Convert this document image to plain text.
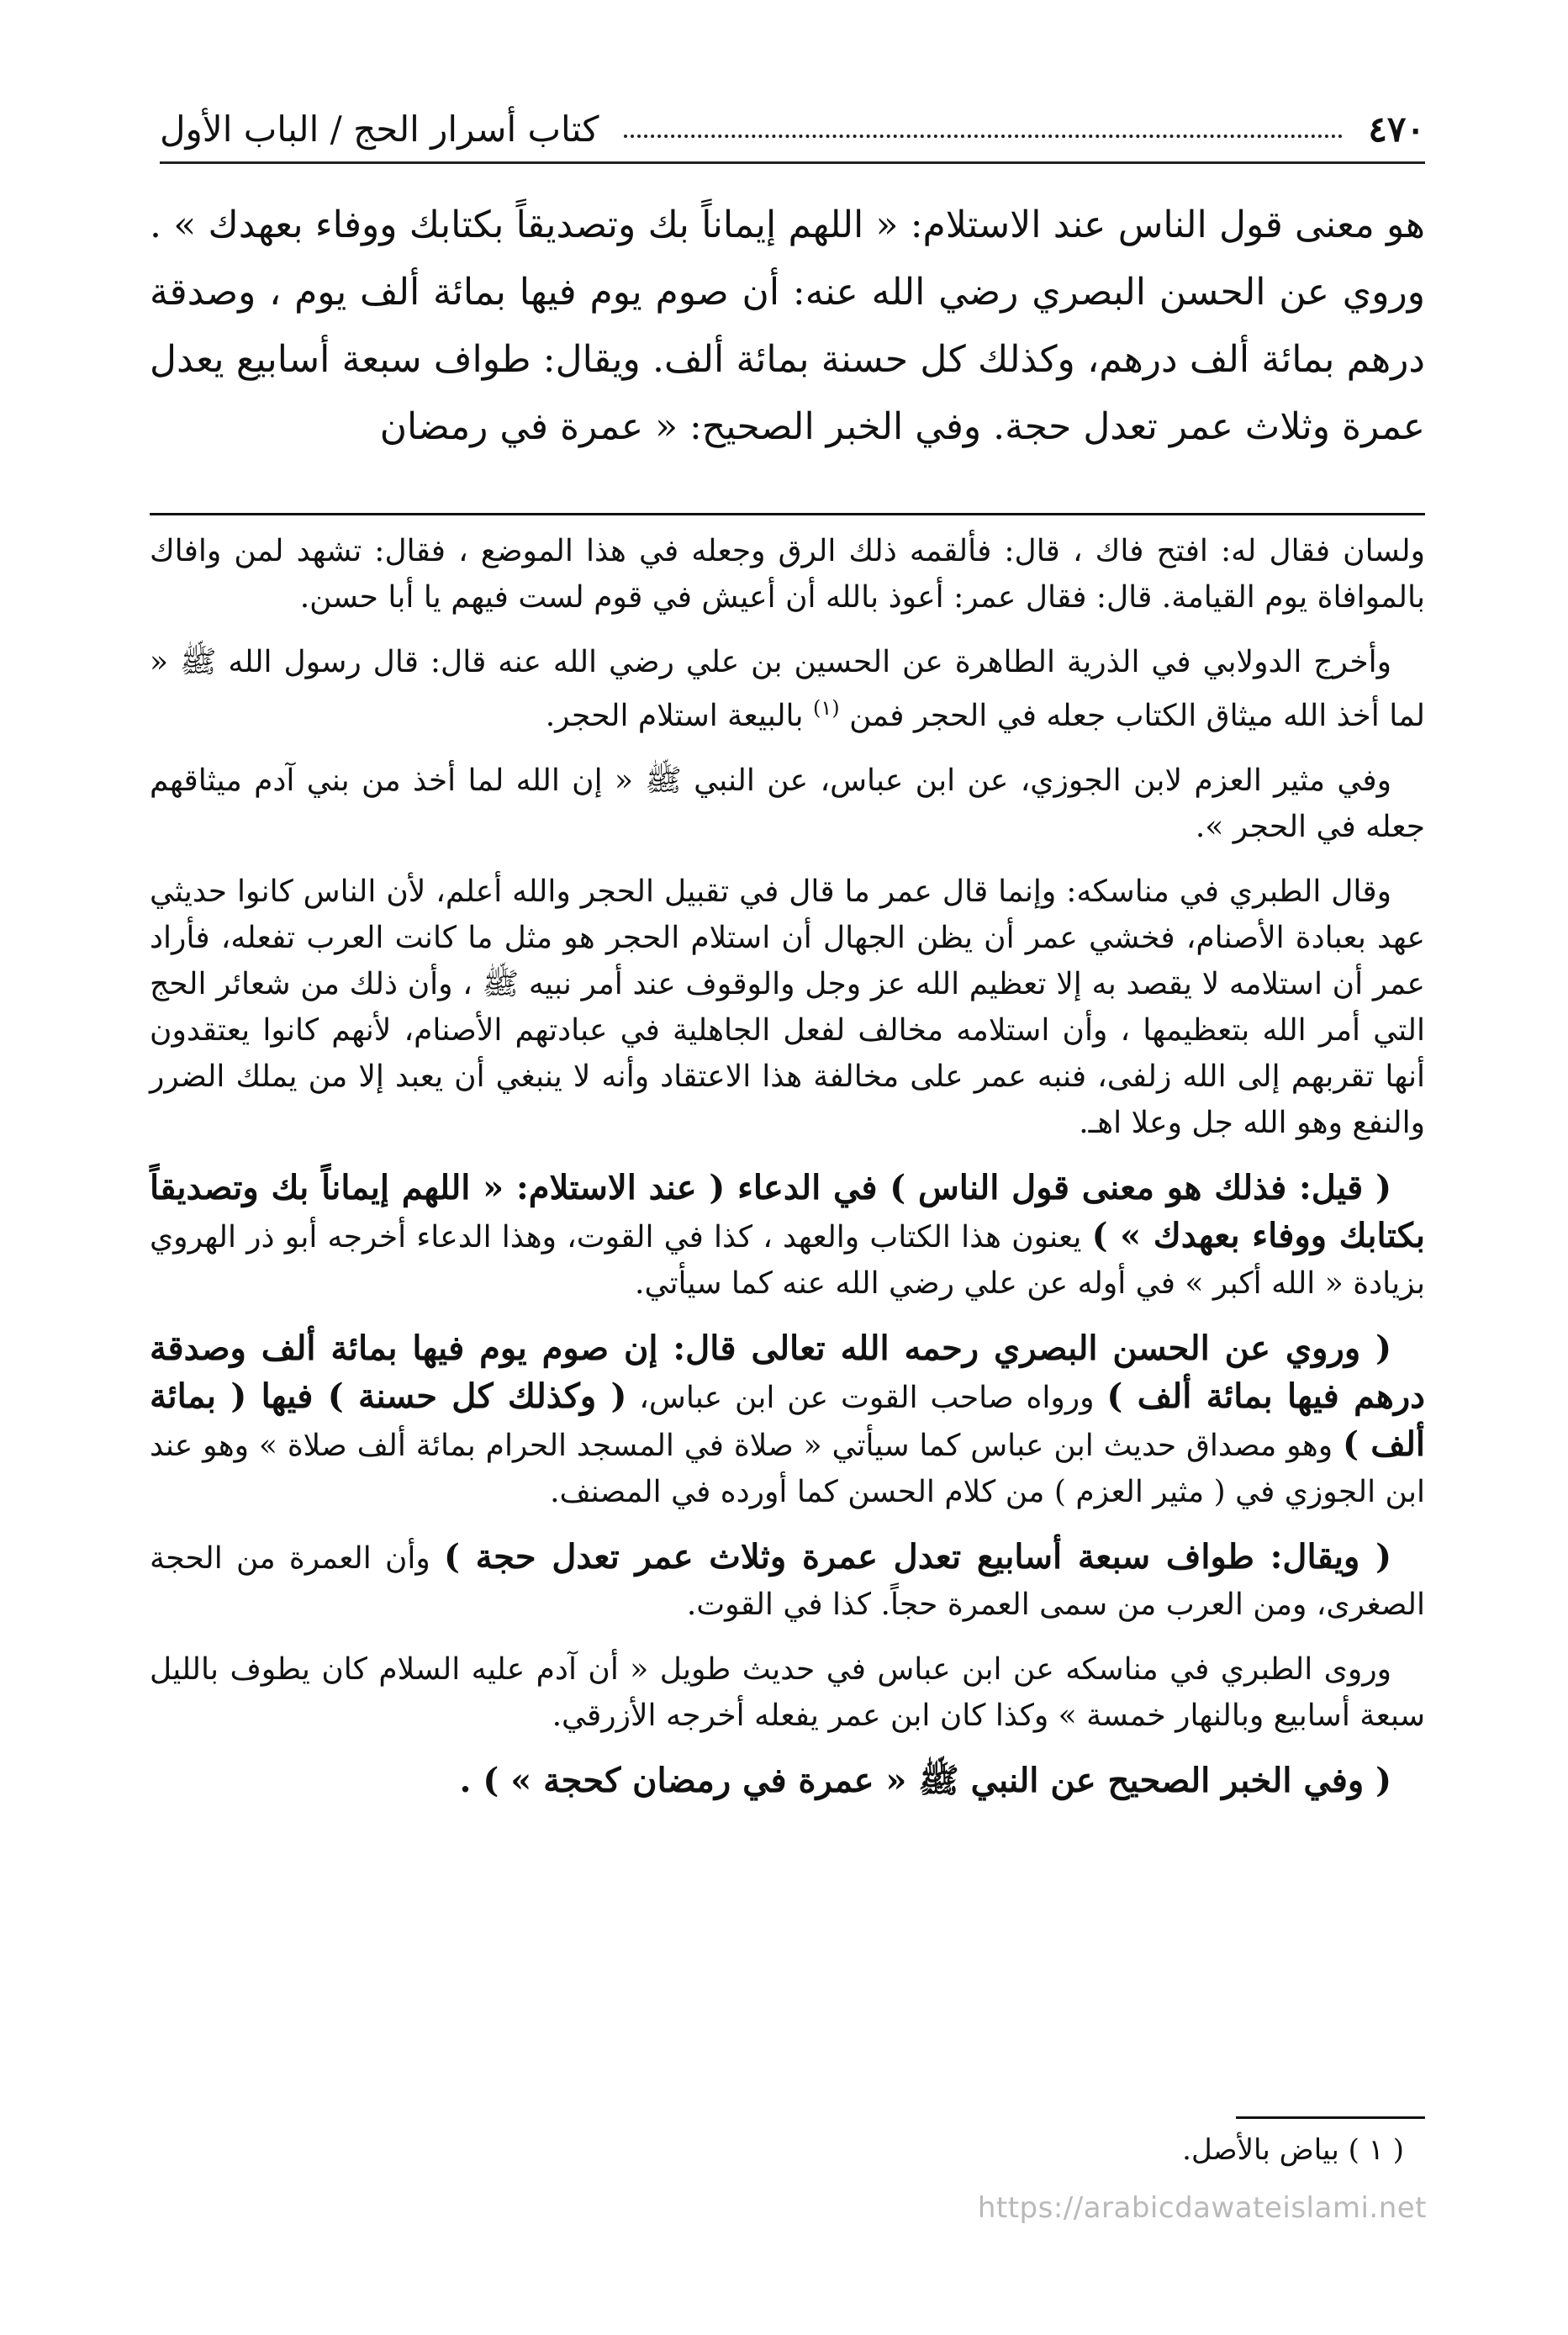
٤٧٠
كتاب أسرار الحج / الباب الأول

هو معنى قول الناس عند الاستلام: « اللهم إيماناً بك وتصديقاً بكتابك ووفاء بعهدك » . وروي عن الحسن البصري رضي الله عنه: أن صوم يوم فيها بمائة ألف يوم ، وصدقة درهم بمائة ألف درهم، وكذلك كل حسنة بمائة ألف. ويقال: طواف سبعة أسابيع يعدل عمرة وثلاث عمر تعدل حجة. وفي الخبر الصحيح: « عمرة في رمضان

ولسان فقال له: افتح فاك ، قال: فألقمه ذلك الرق وجعله في هذا الموضع ، فقال: تشهد لمن وافاك بالموافاة يوم القيامة. قال: فقال عمر: أعوذ بالله أن أعيش في قوم لست فيهم يا أبا حسن.

وأخرج الدولابي في الذرية الطاهرة عن الحسين بن علي رضي الله عنه قال: قال رسول الله ﷺ « لما أخذ الله ميثاق الكتاب جعله في الحجر فمن $^{(١)}$ بالبيعة استلام الحجر.

وفي مثير العزم لابن الجوزي، عن ابن عباس، عن النبي ﷺ « إن الله لما أخذ من بني آدم ميثاقهم جعله في الحجر ».

وقال الطبري في مناسكه: وإنما قال عمر ما قال في تقبيل الحجر والله أعلم، لأن الناس كانوا حديثي عهد بعبادة الأصنام، فخشي عمر أن يظن الجهال أن استلام الحجر هو مثل ما كانت العرب تفعله، فأراد عمر أن استلامه لا يقصد به إلا تعظيم الله عز وجل والوقوف عند أمر نبيه ﷺ ، وأن ذلك من شعائر الحج التي أمر الله بتعظيمها ، وأن استلامه مخالف لفعل الجاهلية في عبادتهم الأصنام، لأنهم كانوا يعتقدون أنها تقربهم إلى الله زلفى، فنبه عمر على مخالفة هذا الاعتقاد وأنه لا ينبغي أن يعبد إلا من يملك الضرر والنفع وهو الله جل وعلا اهـ.

( قيل: فذلك هو معنى قول الناس ) في الدعاء ( عند الاستلام: « اللهم إيماناً بك وتصديقاً بكتابك ووفاء بعهدك » ) يعنون هذا الكتاب والعهد ، كذا في القوت، وهذا الدعاء أخرجه أبو ذر الهروي بزيادة « الله أكبر » في أوله عن علي رضي الله عنه كما سيأتي.

( وروي عن الحسن البصري رحمه الله تعالى قال: إن صوم يوم فيها بمائة ألف وصدقة درهم فيها بمائة ألف ) ورواه صاحب القوت عن ابن عباس، ( وكذلك كل حسنة ) فيها ( بمائة ألف ) وهو مصداق حديث ابن عباس كما سيأتي « صلاة في المسجد الحرام بمائة ألف صلاة » وهو عند ابن الجوزي في ( مثير العزم ) من كلام الحسن كما أورده في المصنف.

( ويقال: طواف سبعة أسابيع تعدل عمرة وثلاث عمر تعدل حجة ) وأن العمرة من الحجة الصغرى، ومن العرب من سمى العمرة حجاً. كذا في القوت.

وروى الطبري في مناسكه عن ابن عباس في حديث طويل « أن آدم عليه السلام كان يطوف بالليل سبعة أسابيع وبالنهار خمسة » وكذا كان ابن عمر يفعله أخرجه الأزرقي.

( وفي الخبر الصحيح عن النبي ﷺ « عمرة في رمضان كحجة » ) .

( ١ ) بياض بالأصل.
https://arabicdawateislami.net
